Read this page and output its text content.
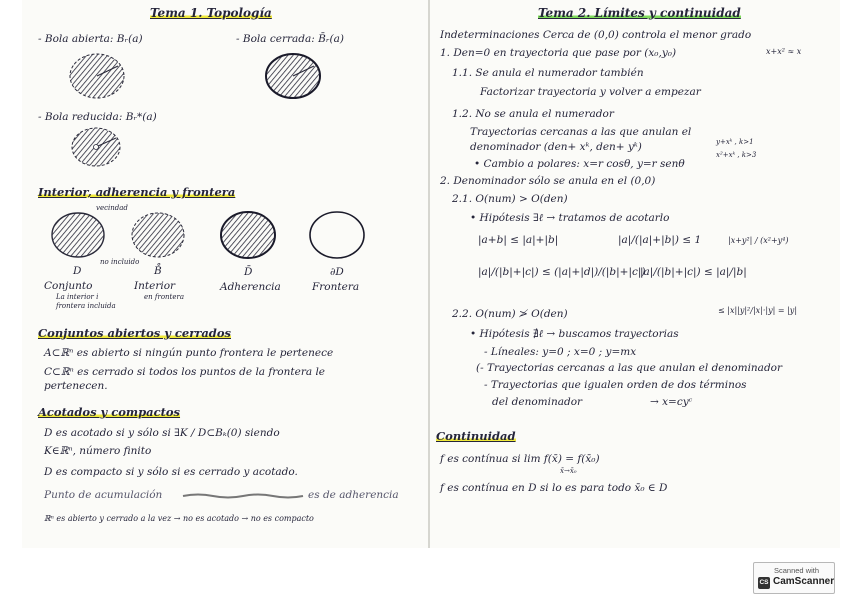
Tema 1. Topología
- Bola abierta: Bᵣ(a)	- Bola cerrada: B̄ᵣ(a)
- Bola reducida: Bᵣ*(a)
Interior, adherencia y frontera
vecindad
no incluido
D	B̊	D̄	∂D
Conjunto	Interior	Adherencia	Frontera
en frontera
La interior i
frontera incluida
Conjuntos abiertos y cerrados
A⊂ℝⁿ es abierto si ningún punto frontera le pertenece
C⊂ℝⁿ es cerrado si todos los puntos de la frontera le
pertenecen.
Acotados y compactos
D es acotado si y sólo si ∃K / D⊂Bₖ(0) siendo
K∈ℝⁿ, número finito
D es compacto si y sólo si es cerrado y acotado.
Punto de acumulación	es de adherencia
ℝⁿ es abierto y cerrado a la vez → no es acotado → no es compacto
Tema 2. Límites y continuidad
Indeterminaciones Cerca de (0,0) controla el menor grado
1. Den=0 en trayectoria que pase por (x₀,y₀)	x+x² ≈ x
1.1. Se anula el numerador también
Factorizar trayectoria y volver a empezar
1.2. No se anula el numerador
Trayectorias cercanas a las que anulan el
denominador (den+ xᵏ, den+ yᵏ)	y+xᵏ , k>1
x²+xᵏ , k>3
• Cambio a polares: x=r cosθ, y=r senθ
2. Denominador sólo se anula en el (0,0)
2.1. O(num) > O(den)
• Hipótesis ∃ℓ → tratamos de acotarlo
|a+b| ≤ |a|+|b|	|a|/(|a|+|b|) ≤ 1	|x+y²| / (x²+y⁴)
|a|/(|b|+|c|) ≤ (|a|+|d|)/(|b|+|c|)
|a|/(|b|+|c|) ≤ |a|/|b|
≤ |x||y|²/|x|·|y| = |y|
2.2. O(num) ≯ O(den)
• Hipótesis ∄ℓ → buscamos trayectorias
- Líneales: y=0 ; x=0 ; y=mx
(- Trayectorias cercanas a las que anulan el denominador
- Trayectorias que igualen orden de dos términos
del denominador	→ x=cyᶜ
Continuidad
f es contínua si lim f(x̄) = f(x̄₀)
x̄→x̄₀
f es contínua en D si lo es para todo x̄₀ ∈ D
Scanned with
CS CamScanner
